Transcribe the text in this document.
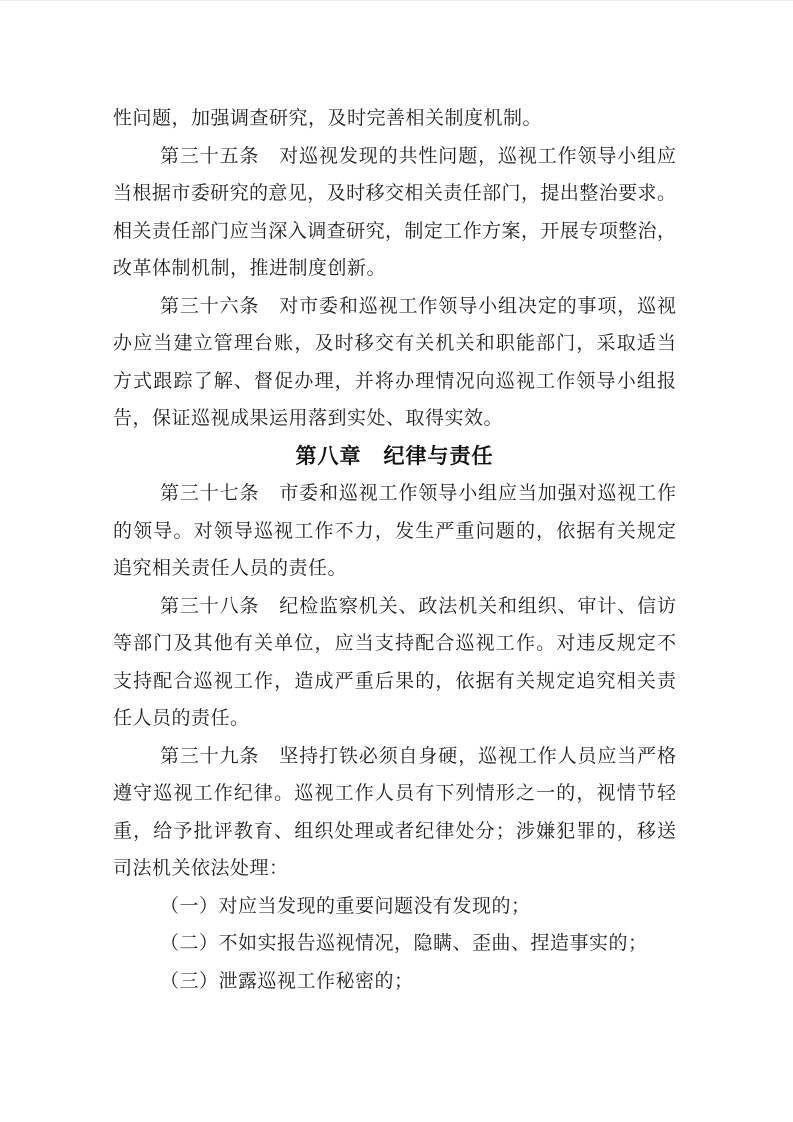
性问题，加强调查研究，及时完善相关制度机制。
第三十五条　对巡视发现的共性问题，巡视工作领导小组应
当根据市委研究的意见，及时移交相关责任部门，提出整治要求。
相关责任部门应当深入调查研究，制定工作方案，开展专项整治，
改革体制机制，推进制度创新。
第三十六条　对市委和巡视工作领导小组决定的事项，巡视
办应当建立管理台账，及时移交有关机关和职能部门，采取适当
方式跟踪了解、督促办理，并将办理情况向巡视工作领导小组报
告，保证巡视成果运用落到实处、取得实效。
第八章　纪律与责任
第三十七条　市委和巡视工作领导小组应当加强对巡视工作
的领导。对领导巡视工作不力，发生严重问题的，依据有关规定
追究相关责任人员的责任。
第三十八条　纪检监察机关、政法机关和组织、审计、信访
等部门及其他有关单位，应当支持配合巡视工作。对违反规定不
支持配合巡视工作，造成严重后果的，依据有关规定追究相关责
任人员的责任。
第三十九条　坚持打铁必须自身硬，巡视工作人员应当严格
遵守巡视工作纪律。巡视工作人员有下列情形之一的，视情节轻
重，给予批评教育、组织处理或者纪律处分；涉嫌犯罪的，移送
司法机关依法处理：
（一）对应当发现的重要问题没有发现的；
（二）不如实报告巡视情况，隐瞒、歪曲、捏造事实的；
（三）泄露巡视工作秘密的；
